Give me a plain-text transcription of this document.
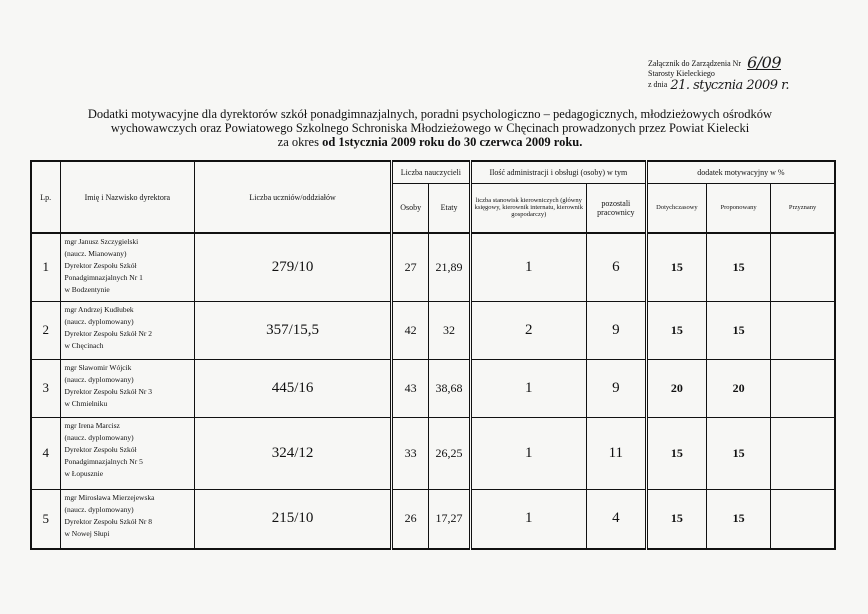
Załącznik do Zarządzenia Nr 6/09
Starosty Kieleckiego
z dnia 21. stycznia 2009 r.
Dodatki motywacyjne dla dyrektorów szkół ponadgimnazjalnych, poradni psychologiczno – pedagogicznych, młodzieżowych ośrodków
wychowawczych oraz Powiatowego Szkolnego Schroniska Młodzieżowego w Chęcinach prowadzonych przez Powiat Kielecki
za okres od 1stycznia 2009 roku do 30 czerwca 2009 roku.
Lp.	Imię i Nazwisko dyrektora	Liczba uczniów/oddziałów	Liczba nauczycieli		Ilość administracji i obsługi (osoby) w tym		dodatek motywacyjny w %		
			Osoby	Etaty	liczba stanowisk kierowniczych (główny księgowy, kierownik internatu, kierownik gospodarczy)	pozostali pracownicy	Dotychczasowy	Proponowany	Przyznany

1	mgr Janusz Szczygielski
(naucz. Mianowany)
Dyrektor Zespołu Szkół
Ponadgimnazjalnych Nr 1
w Bodzentynie	279/10	27	21,89	1	6	15	15	
2	mgr Andrzej Kudłubek
(naucz. dyplomowany)
Dyrektor Zespołu Szkół Nr 2
w Chęcinach	357/15,5	42	32	2	9	15	15	
3	mgr Sławomir Wójcik
(naucz. dyplomowany)
Dyrektor Zespołu Szkół Nr 3
w Chmielniku	445/16	43	38,68	1	9	20	20	
4	mgr Irena Marcisz
(naucz. dyplomowany)
Dyrektor Zespołu Szkół
Ponadgimnazjalnych Nr 5
w Łopusznie	324/12	33	26,25	1	11	15	15	
5	mgr Mirosława Mierzejewska
(naucz. dyplomowany)
Dyrektor Zespołu Szkół Nr 8
w Nowej Słupi	215/10	26	17,27	1	4	15	15	
